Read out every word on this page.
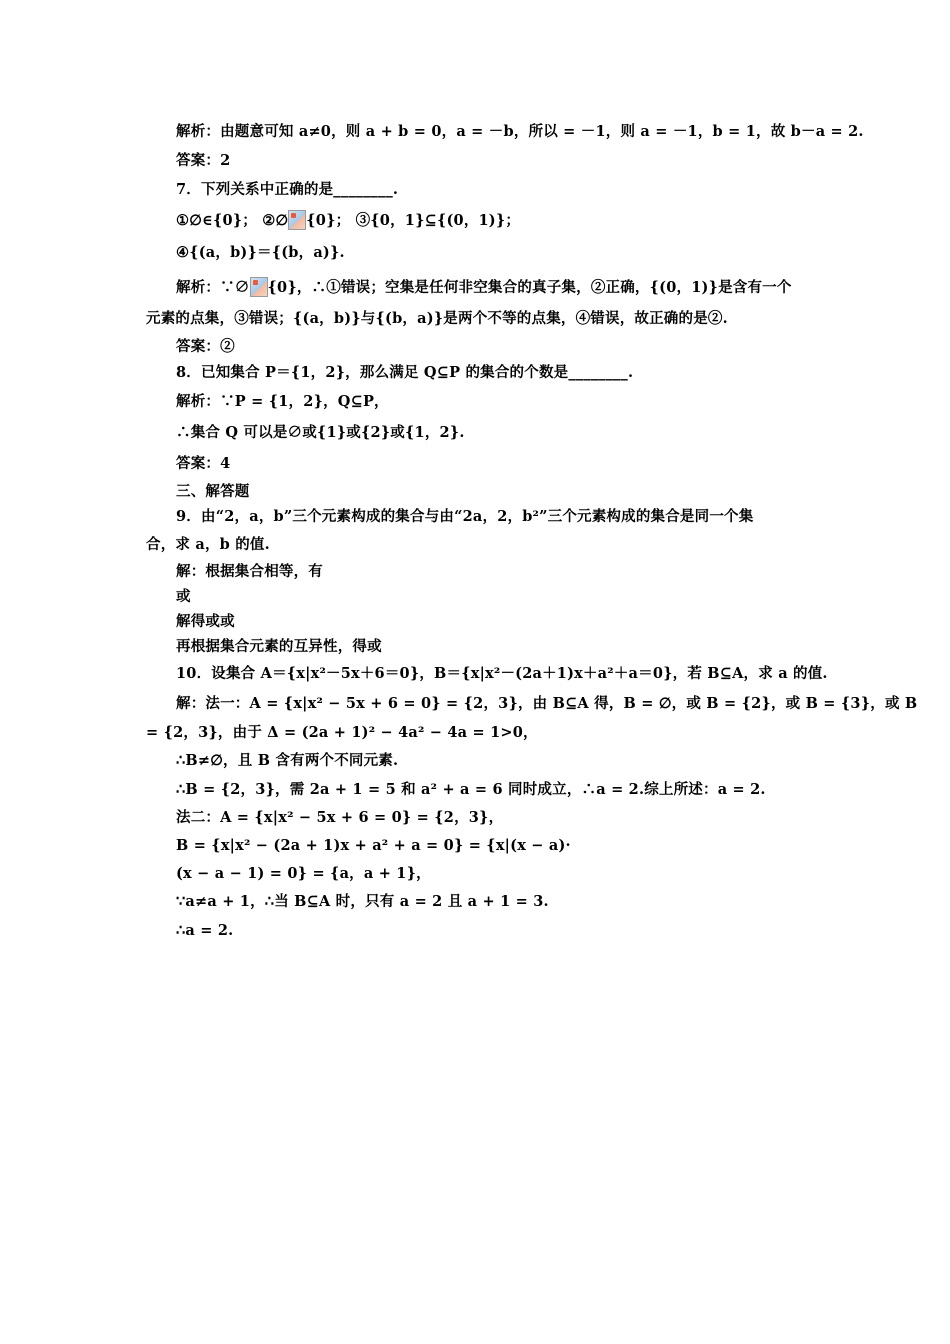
解析：由题意可知 a≠0，则 a + b = 0，a = －b，所以 = －1，则 a = －1，b = 1，故 b－a = 2.
答案：2
7．下列关系中正确的是________.
①∅∈{0}； ②∅ {0}； ③{0，1}⊆{(0，1)}；
④{(a，b)}＝{(b，a)}.
解析：∵∅ {0}，∴①错误；空集是任何非空集合的真子集，②正确，{(0，1)}是含有一个
元素的点集，③错误；{(a，b)}与{(b，a)}是两个不等的点集，④错误，故正确的是②.
答案：②
8．已知集合 P＝{1，2}，那么满足 Q⊆P 的集合的个数是________.
解析：∵P = {1，2}，Q⊆P，
∴集合 Q 可以是∅或{1}或{2}或{1，2}.
答案：4
三、解答题
9．由“2，a，b”三个元素构成的集合与由“2a，2，b²”三个元素构成的集合是同一个集
合，求 a，b 的值.
解：根据集合相等，有
或
解得或或
再根据集合元素的互异性，得或
10．设集合 A＝{x|x²－5x＋6＝0}，B＝{x|x²－(2a＋1)x＋a²＋a＝0}，若 B⊆A，求 a 的值.
解：法一：A = {x|x² − 5x + 6 = 0} = {2，3}，由 B⊆A 得，B = ∅，或 B = {2}，或 B = {3}，或 B
= {2，3}，由于 Δ = (2a + 1)² − 4a² − 4a = 1>0，
∴B≠∅，且 B 含有两个不同元素.
∴B = {2，3}，需 2a + 1 = 5 和 a² + a = 6 同时成立，∴a = 2.综上所述：a = 2.
法二：A = {x|x² − 5x + 6 = 0} = {2，3}，
B = {x|x² − (2a + 1)x + a² + a = 0} = {x|(x − a)·
(x − a − 1) = 0} = {a，a + 1}，
∵a≠a + 1，∴当 B⊆A 时，只有 a = 2 且 a + 1 = 3.
∴a = 2.
